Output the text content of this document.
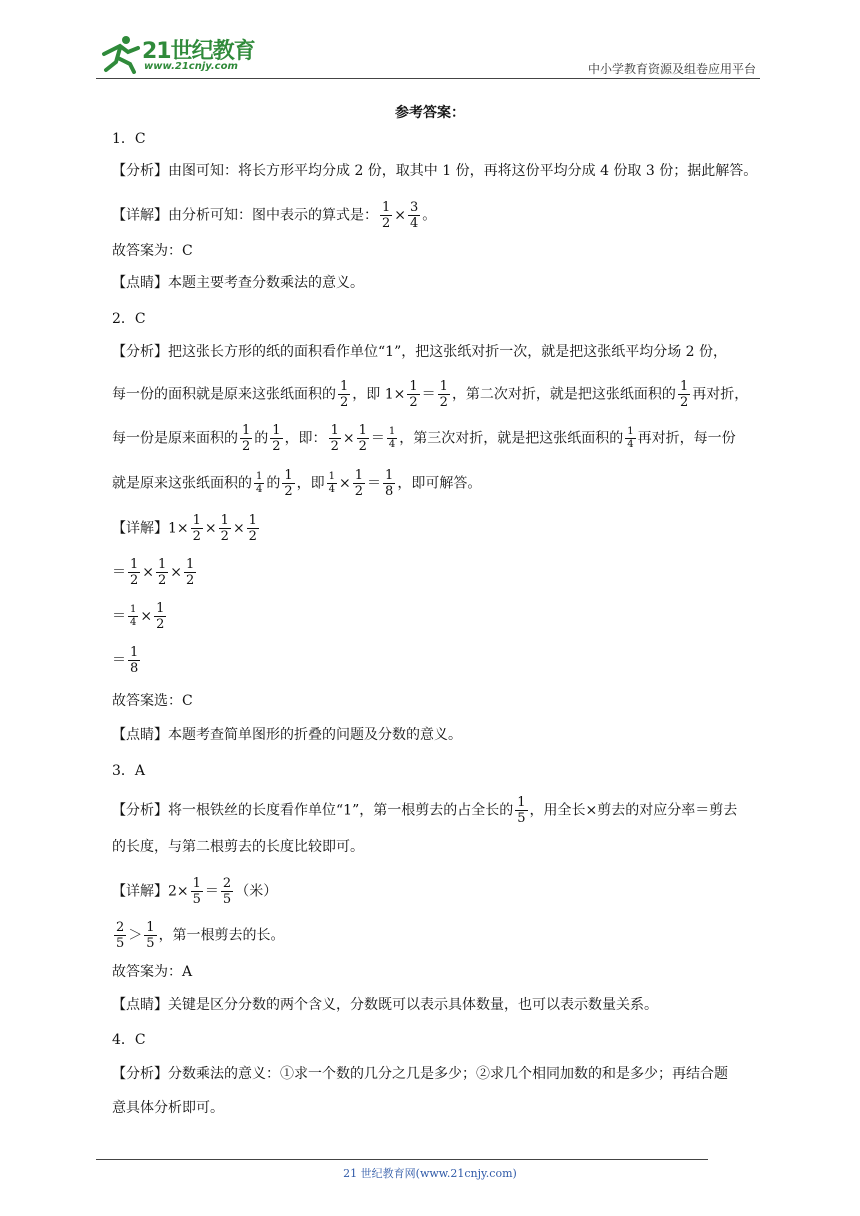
21世纪教育
www.21cnjy.com	中小学教育资源及组卷应用平台
参考答案：
1．C
【分析】由图可知：将长方形平均分成 2 份，取其中 1 份，再将这份平均分成 4 份取 3 份；据此解答。
【详解】由分析可知：图中表示的算式是： $\frac{1}{2} \times \frac{3}{4}$ 。
故答案为：C
【点睛】本题主要考查分数乘法的意义。
2．C
【分析】把这张长方形的纸的面积看作单位“1”，把这张纸对折一次，就是把这张纸平均分场 2 份，
每一份的面积就是原来这张纸面积的 $\frac{1}{2}$ ，即 $1\times \frac{1}{2} = \frac{1}{2}$ ，第二次对折，就是把这张纸面积的 $\frac{1}{2}$ 再对折，
每一份是原来面积的 $\frac{1}{2}$ 的 $\frac{1}{2}$ ，即： $\frac{1}{2} \times \frac{1}{2} = \frac{1}{4}$ ，第三次对折，就是把这张纸面积的 $\frac{1}{4}$ 再对折，每一份
就是原来这张纸面积的 $\frac{1}{4}$ 的 $\frac{1}{2}$ ，即 $\frac{1}{4} \times \frac{1}{2} = \frac{1}{8}$ ，即可解答。
【详解】$1\times \frac{1}{2} \times \frac{1}{2} \times \frac{1}{2}$
＝ $\frac{1}{2} \times \frac{1}{2} \times \frac{1}{2}$
＝ $\frac{1}{4} \times \frac{1}{2}$
＝ $\frac{1}{8}$
故答案选：C
【点睛】本题考查简单图形的折叠的问题及分数的意义。
3．A
【分析】将一根铁丝的长度看作单位“1”，第一根剪去的占全长的 $\frac{1}{5}$ ，用全长×剪去的对应分率＝剪去
的长度，与第二根剪去的长度比较即可。
【详解】$2\times \frac{1}{5} = \frac{2}{5}$ （米）
$\frac{2}{5} > \frac{1}{5}$ ，第一根剪去的长。
故答案为：A
【点睛】关键是区分分数的两个含义，分数既可以表示具体数量，也可以表示数量关系。
4．C
【分析】分数乘法的意义：①求一个数的几分之几是多少；②求几个相同加数的和是多少；再结合题
意具体分析即可。
21 世纪教育网(www.21cnjy.com)
